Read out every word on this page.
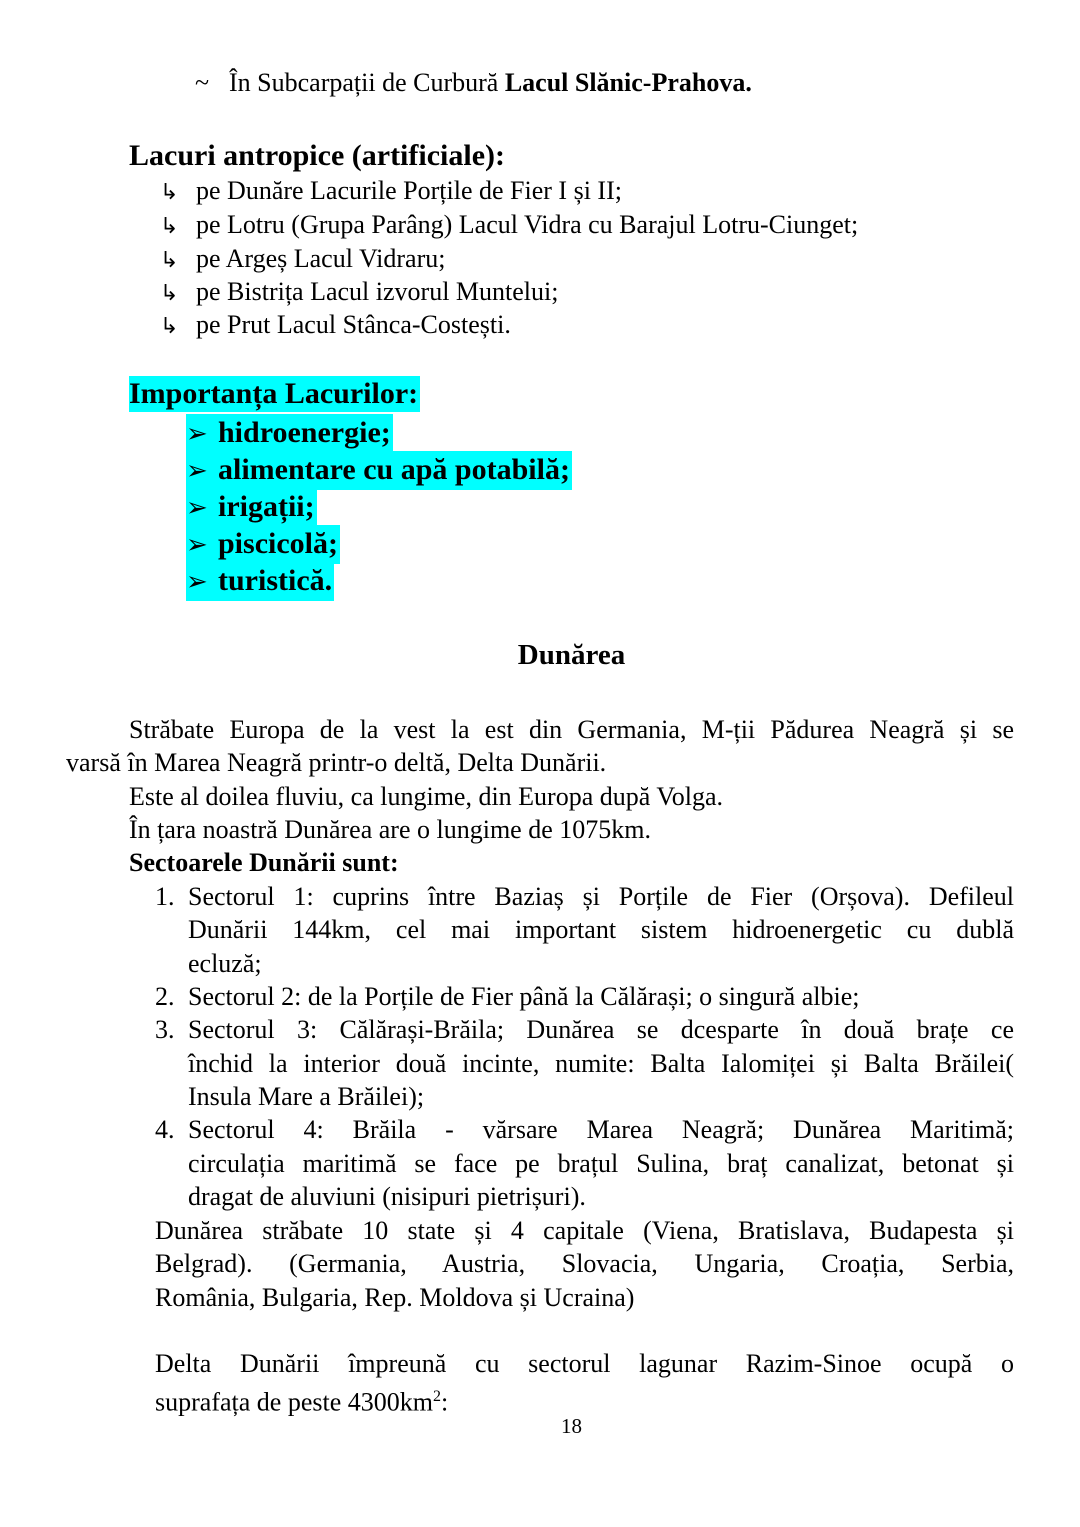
~ În Subcarpații de Curbură Lacul Slănic-Prahova.
Lacuri antropice (artificiale):
↳ pe Dunăre Lacurile Porțile de Fier I și II;
↳ pe Lotru (Grupa Parâng) Lacul Vidra cu Barajul Lotru-Ciunget;
↳ pe Argeș Lacul Vidraru;
↳ pe Bistrița Lacul izvorul Muntelui;
↳ pe Prut Lacul Stânca-Costești.
Importanța Lacurilor:
➢ hidroenergie;
➢ alimentare cu apă potabilă;
➢ irigații;
➢ piscicolă;
➢ turistică.
Dunărea
Străbate Europa de la vest la est din Germania, M-ții Pădurea Neagră și se
varsă în Marea Neagră printr-o deltă, Delta Dunării.
Este al doilea fluviu, ca lungime, din Europa după Volga.
În țara noastră Dunărea are o lungime de 1075km.
Sectoarele Dunării sunt:
1. Sectorul 1: cuprins între Baziaș și Porțile de Fier (Orșova). Defileul
Dunării 144km, cel mai important sistem hidroenergetic cu dublă
ecluză;
2. Sectorul 2: de la Porțile de Fier până la Călărași; o singură albie;
3. Sectorul 3: Călărași-Brăila; Dunărea se dcesparte în două brațe ce
închid la interior două incinte, numite: Balta Ialomiței și Balta Brăilei(
Insula Mare a Brăilei);
4. Sectorul 4: Brăila - vărsare Marea Neagră; Dunărea Maritimă;
circulația maritimă se face pe brațul Sulina, braț canalizat, betonat și
dragat de aluviuni (nisipuri pietrișuri).
Dunărea străbate 10 state și 4 capitale (Viena, Bratislava, Budapesta și
Belgrad). (Germania, Austria, Slovacia, Ungaria, Croația, Serbia,
România, Bulgaria, Rep. Moldova și Ucraina)
Delta Dunării împreună cu sectorul lagunar Razim-Sinoe ocupă o
suprafața de peste $4300km^2$:
18
